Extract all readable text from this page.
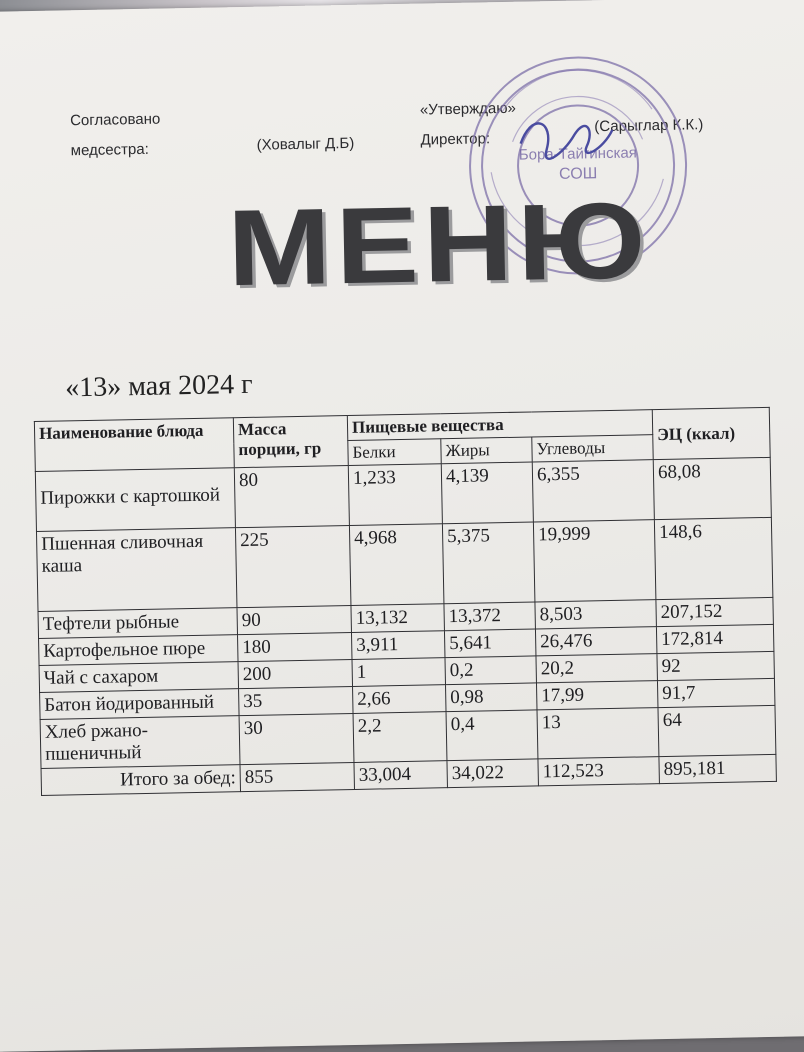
Согласовано
медсестра:	(Ховалыг Д.Б)
«Утверждаю»
Директор:
(Сарыглар К.К.)
Бора-Тайгинская
СОШ
МЕНЮ
«13» мая 2024 г
Наименование блюда	Масса порции, гр	Пищевые вещества			ЭЦ (ккал)
		Белки	Жиры	Углеводы	
Пирожки с картошкой	80	1,233	4,139	6,355	68,08
Пшенная сливочная каша	225	4,968	5,375	19,999	148,6
Тефтели рыбные	90	13,132	13,372	8,503	207,152
Картофельное пюре	180	3,911	5,641	26,476	172,814
Чай с сахаром	200	1	0,2	20,2	92
Батон йодированный	35	2,66	0,98	17,99	91,7
Хлеб ржано-пшеничный	30	2,2	0,4	13	64
Итого за обед:	855	33,004	34,022	112,523	895,181
